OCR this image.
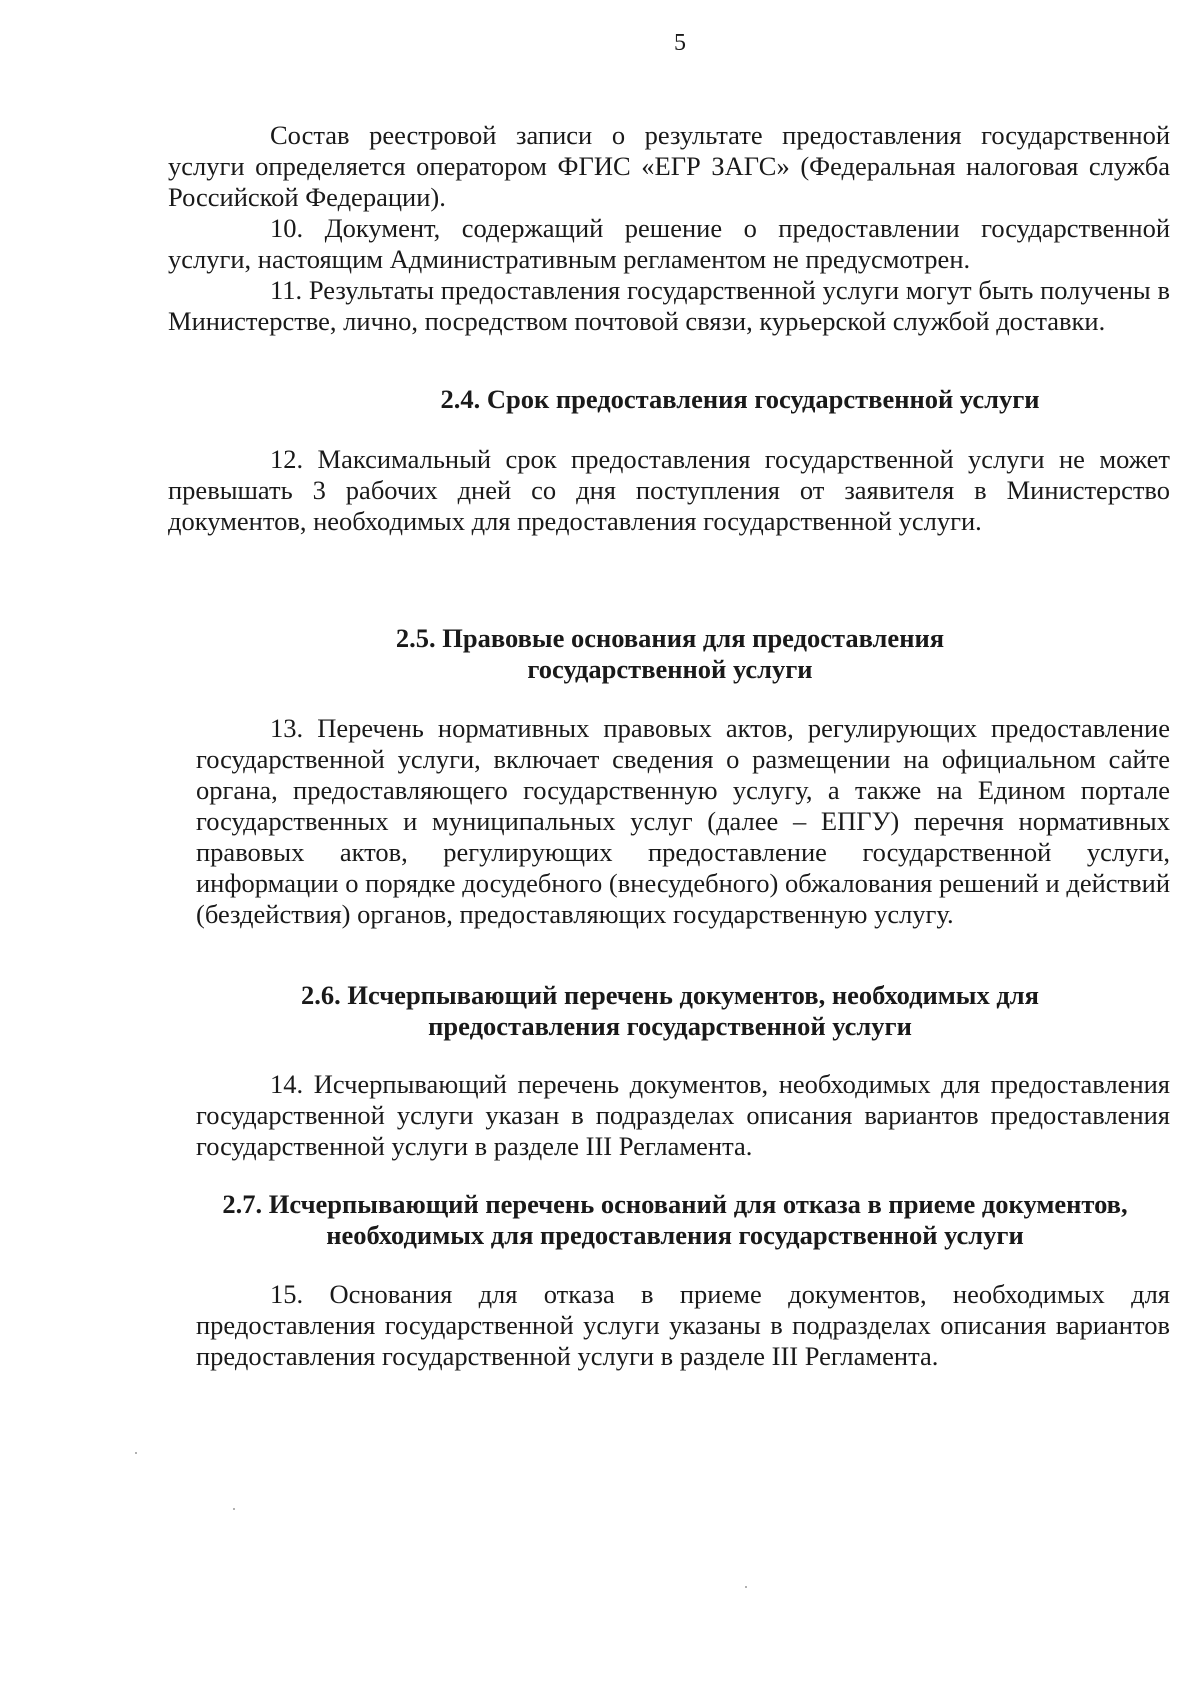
5
Состав реестровой записи о результате предоставления государственной услуги определяется оператором ФГИС «ЕГР ЗАГС» (Федеральная налоговая служба Российской Федерации).
10. Документ, содержащий решение о предоставлении государственной услуги, настоящим Административным регламентом не предусмотрен.
11. Результаты предоставления государственной услуги могут быть получены в Министерстве, лично, посредством почтовой связи, курьерской службой доставки.
2.4. Срок предоставления государственной услуги
12. Максимальный срок предоставления государственной услуги не может превышать 3 рабочих дней со дня поступления от заявителя в Министерство документов, необходимых для предоставления государственной услуги.
2.5. Правовые основания для предоставления
государственной услуги
13. Перечень нормативных правовых актов, регулирующих предоставление государственной услуги, включает сведения о размещении на официальном сайте органа, предоставляющего государственную услугу, а также на Едином портале государственных и муниципальных услуг (далее – ЕПГУ) перечня нормативных правовых актов, регулирующих предоставление государственной услуги, информации о порядке досудебного (внесудебного) обжалования решений и действий (бездействия) органов, предоставляющих государственную услугу.
2.6. Исчерпывающий перечень документов, необходимых для
предоставления государственной услуги
14. Исчерпывающий перечень документов, необходимых для предоставления государственной услуги указан в подразделах описания вариантов предоставления государственной услуги в разделе III Регламента.
2.7. Исчерпывающий перечень оснований для отказа в приеме документов,
необходимых для предоставления государственной услуги
15. Основания для отказа в приеме документов, необходимых для предоставления государственной услуги указаны в подразделах описания вариантов предоставления государственной услуги в разделе III Регламента.
